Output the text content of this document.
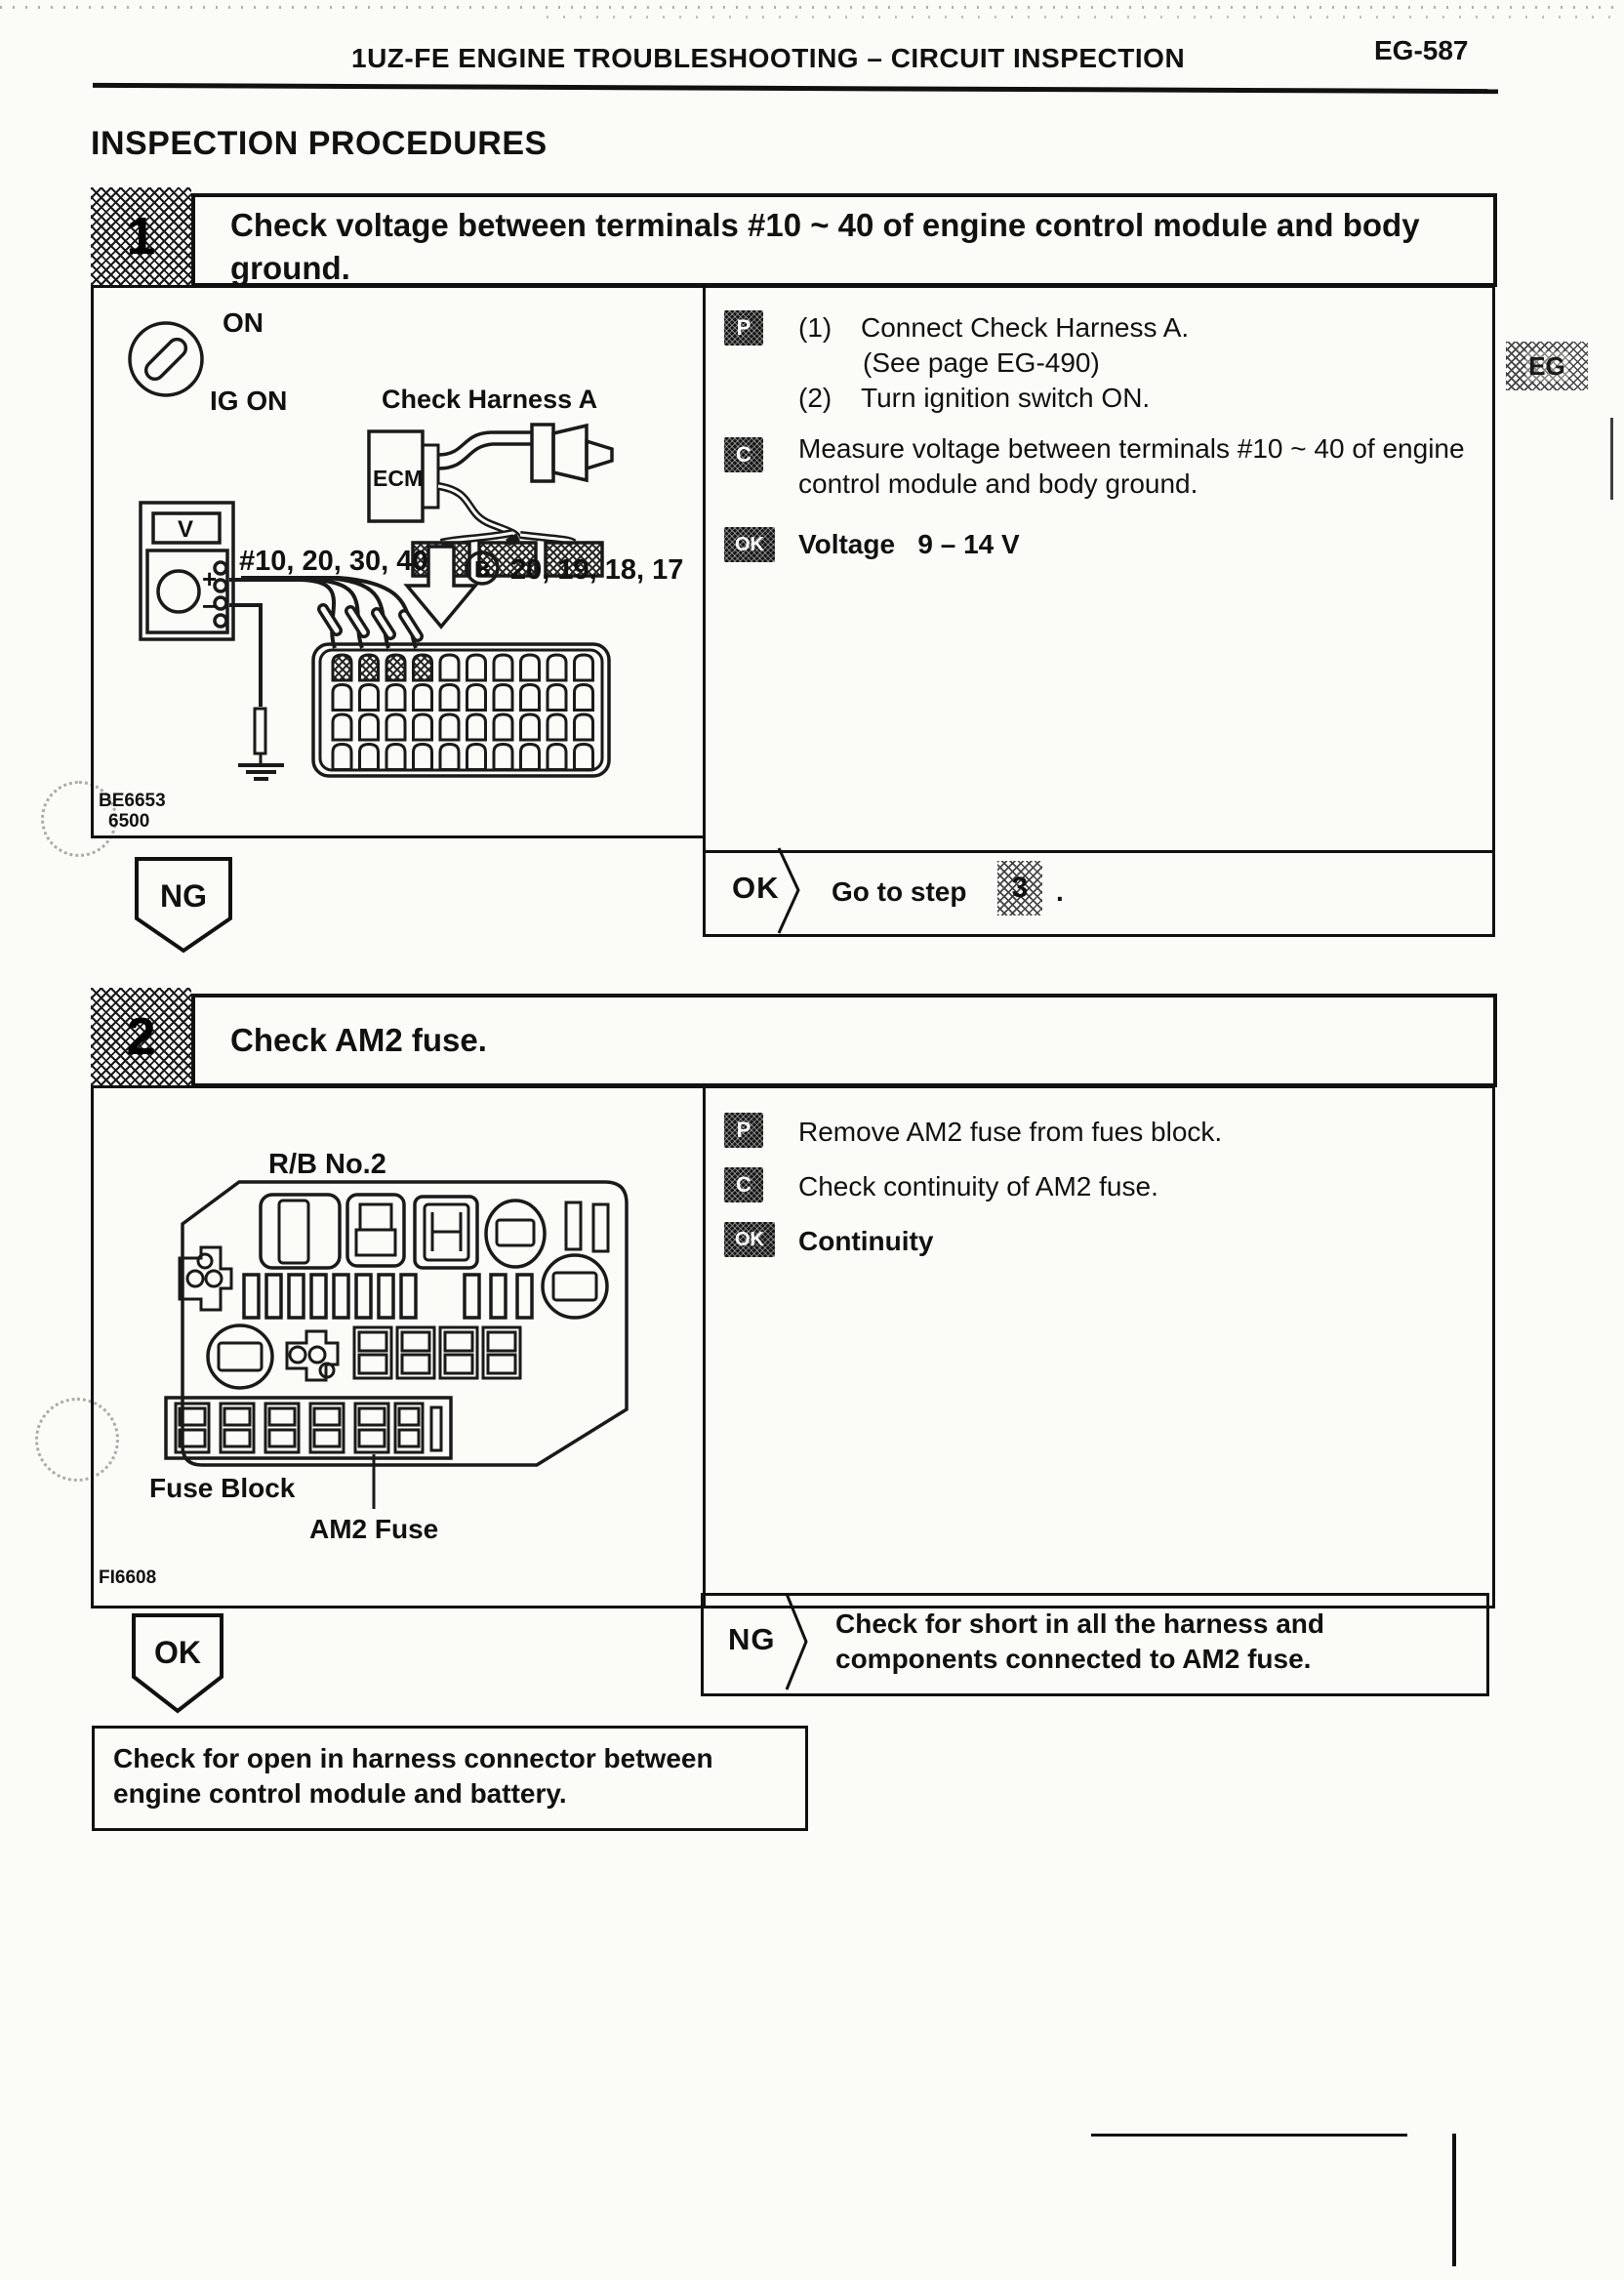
1UZ-FE ENGINE TROUBLESHOOTING – CIRCUIT INSPECTION	EG-587
INSPECTION PROCEDURES
EG
1	Check voltage between terminals #10 ~ 40 of engine control module and body ground.
ON
IG ON	Check Harness A
ECM
V
+
−
#10, 20, 30, 40 B 20, 19, 18, 17
BE6653
6500
P (1) Connect Check Harness A.
(See page EG-490)
(2) Turn ignition switch ON.
C Measure voltage between terminals #10 ~ 40 of engine control module and body ground.
OK Voltage   9 – 14 V
OK Go to step 3 .
NG
2	Check AM2 fuse.
R/B No.2
Fuse Block
AM2 Fuse
FI6608
P Remove AM2 fuse from fues block.
C Check continuity of AM2 fuse.
OK Continuity
OK	NG Check for short in all the harness and
components connected to AM2 fuse.
Check for open in harness connector between
engine control module and battery.
